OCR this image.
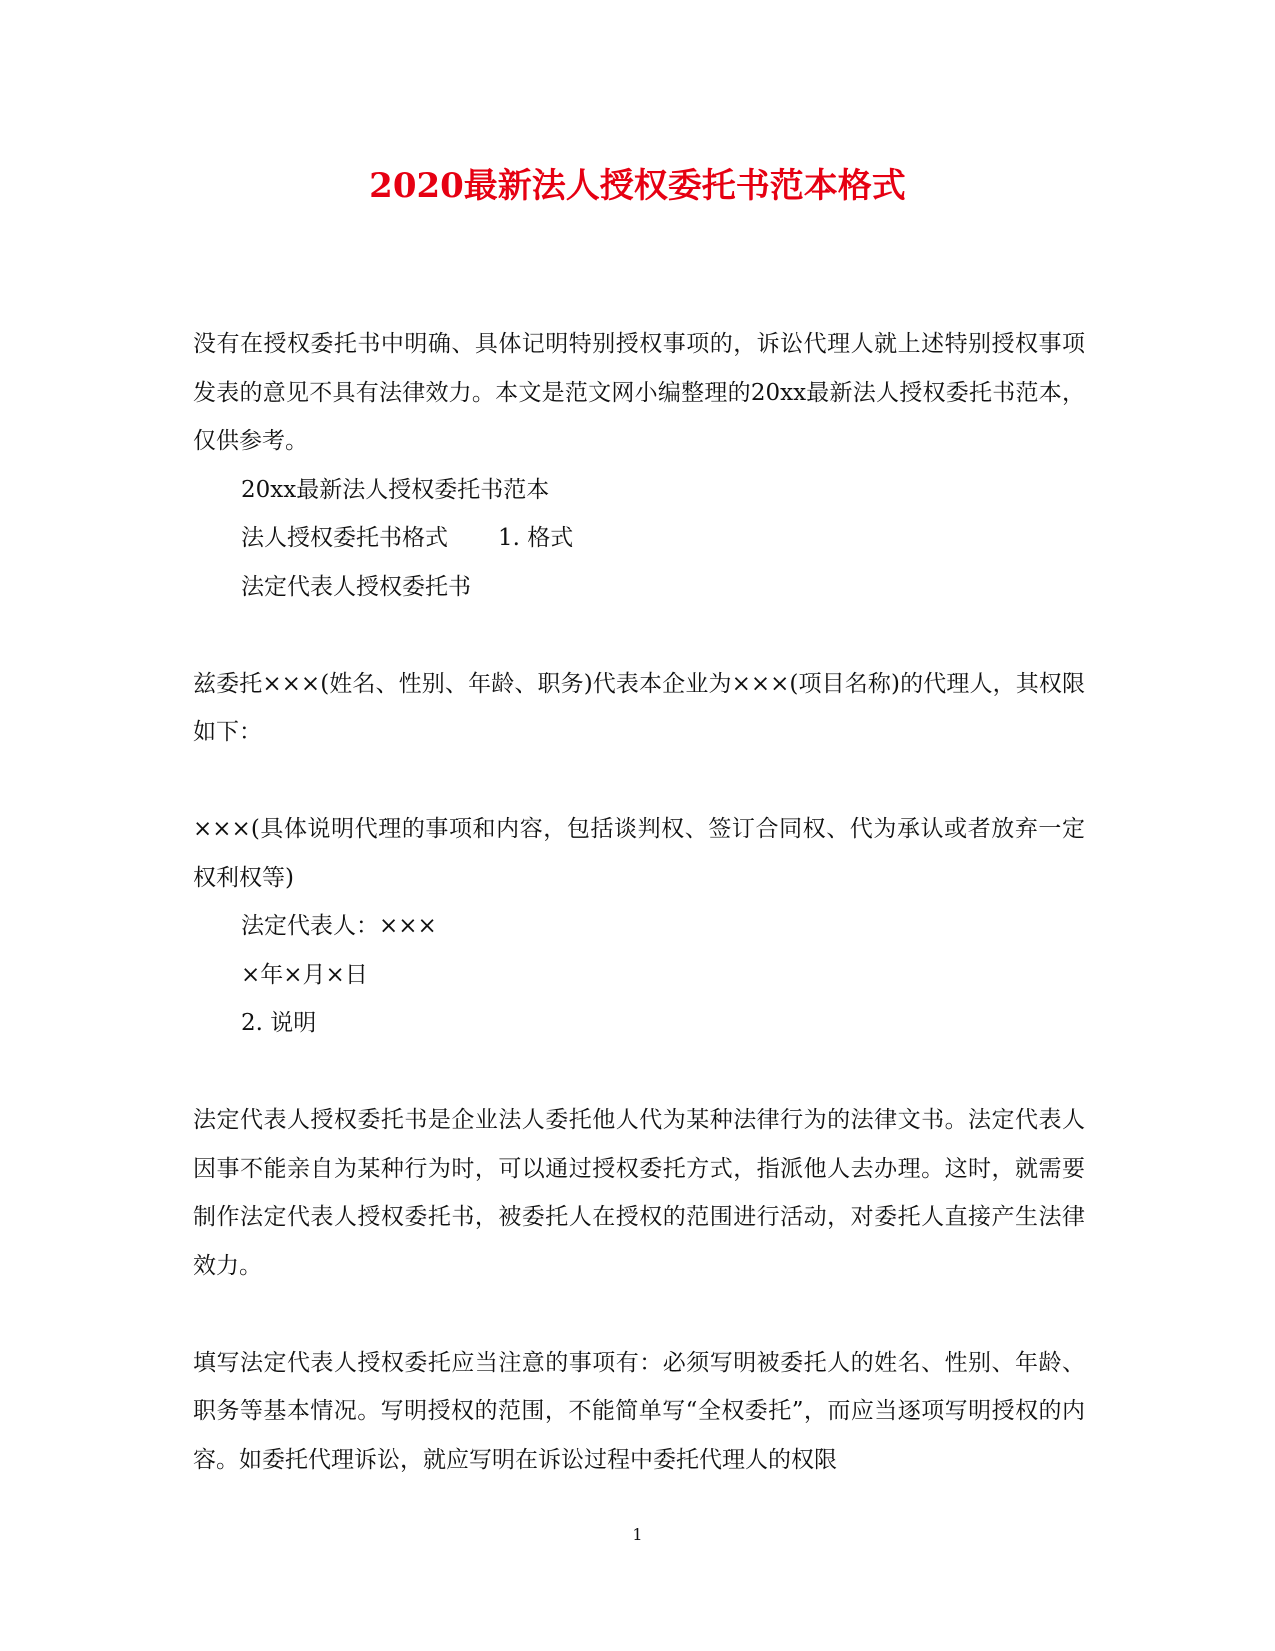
2020最新法人授权委托书范本格式

没有在授权委托书中明确、具体记明特别授权事项的，诉讼代理人就上述特别授权事项发表的意见不具有法律效力。本文是范文网小编整理的20xx最新法人授权委托书范本，仅供参考。

20xx最新法人授权委托书范本

法人授权委托书格式 1. 格式

法定代表人授权委托书

兹委托×××(姓名、性别、年龄、职务)代表本企业为×××(项目名称)的代理人，其权限如下：

×××(具体说明代理的事项和内容，包括谈判权、签订合同权、代为承认或者放弃一定权利权等)

法定代表人：×××

×年×月×日

2. 说明

法定代表人授权委托书是企业法人委托他人代为某种法律行为的法律文书。法定代表人因事不能亲自为某种行为时，可以通过授权委托方式，指派他人去办理。这时，就需要制作法定代表人授权委托书，被委托人在授权的范围进行活动，对委托人直接产生法律效力。

填写法定代表人授权委托应当注意的事项有：必须写明被委托人的姓名、性别、年龄、职务等基本情况。写明授权的范围，不能简单写“全权委托”，而应当逐项写明授权的内容。如委托代理诉讼，就应写明在诉讼过程中委托代理人的权限

1
